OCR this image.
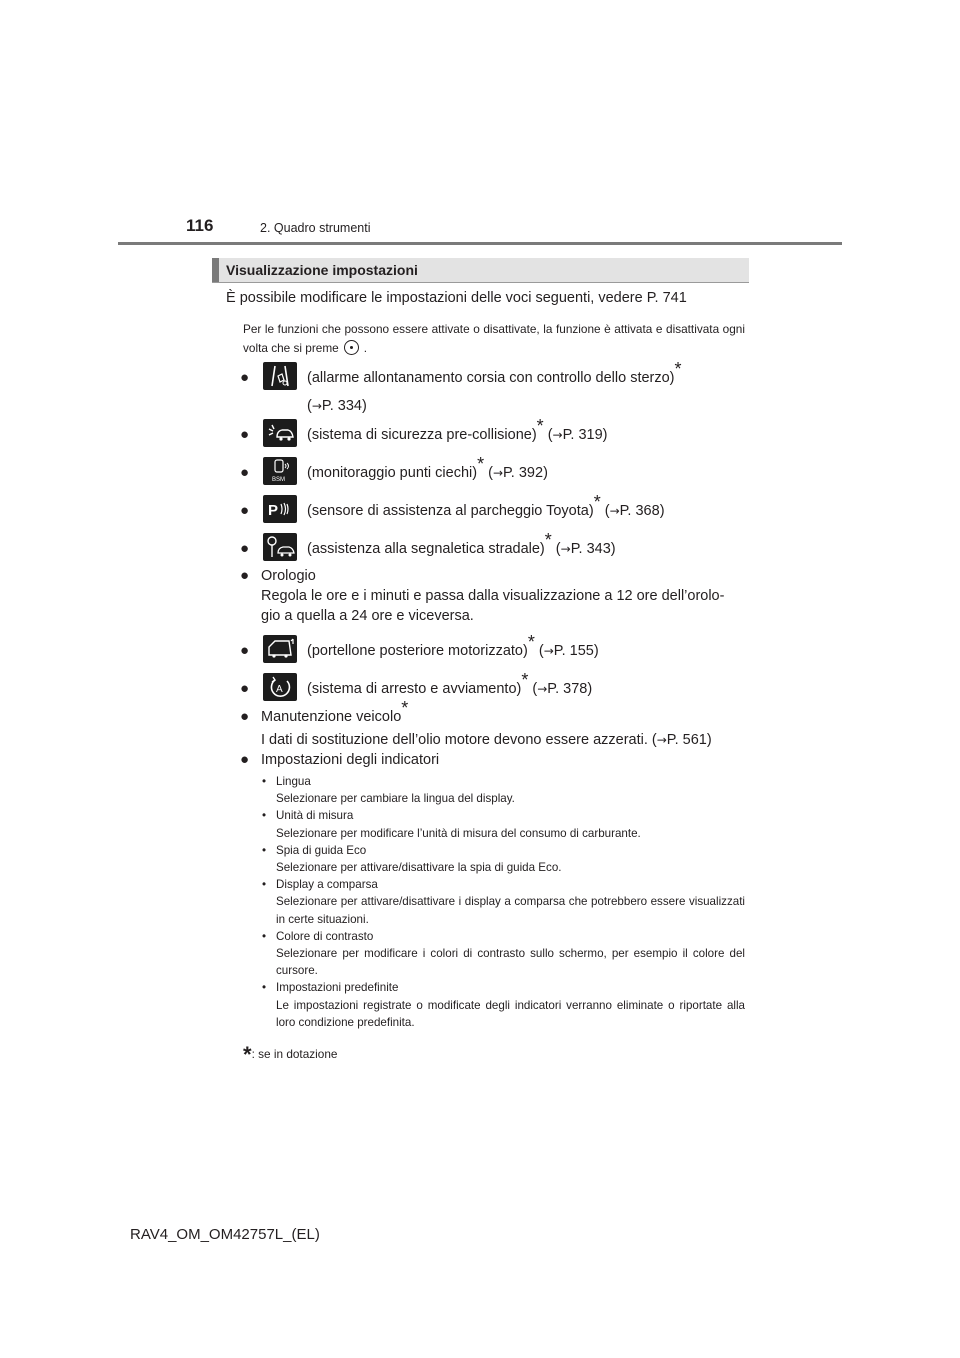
116	2. Quadro strumenti
Visualizzazione impostazioni
È possibile modificare le impostazioni delle voci seguenti, vedere P. 741
Per le funzioni che possono essere attivate o disattivate, la funzione è attivata e disattivata ogni volta che si preme .
●	(allarme allontanamento corsia con controllo dello sterzo)*
(→P. 334)
●	(sistema di sicurezza pre-collisione)* (→P. 319)
●	BSM (monitoraggio punti ciechi)* (→P. 392)
● P (sensore di assistenza al parcheggio Toyota)* (→P. 368)
●	(assistenza alla segnaletica stradale)* (→P. 343)
● Orologio
Regola le ore e i minuti e passa dalla visualizzazione a 12 ore dell’orolo-
gio a quella a 24 ore e viceversa.
●	(portellone posteriore motorizzato)* (→P. 155)
●	A (sistema di arresto e avviamento)* (→P. 378)
● Manutenzione veicolo*
I dati di sostituzione dell’olio motore devono essere azzerati. (→P. 561)
● Impostazioni degli indicatori
• Lingua
Selezionare per cambiare la lingua del display.
• Unità di misura
Selezionare per modificare l’unità di misura del consumo di carburante.
• Spia di guida Eco
Selezionare per attivare/disattivare la spia di guida Eco.
• Display a comparsa
Selezionare per attivare/disattivare i display a comparsa che potrebbero essere visualizzati in certe situazioni.
• Colore di contrasto
Selezionare per modificare i colori di contrasto sullo schermo, per esempio il colore del cursore.
• Impostazioni predefinite
Le impostazioni registrate o modificate degli indicatori verranno eliminate o riportate alla loro condizione predefinita.
*: se in dotazione
RAV4_OM_OM42757L_(EL)
